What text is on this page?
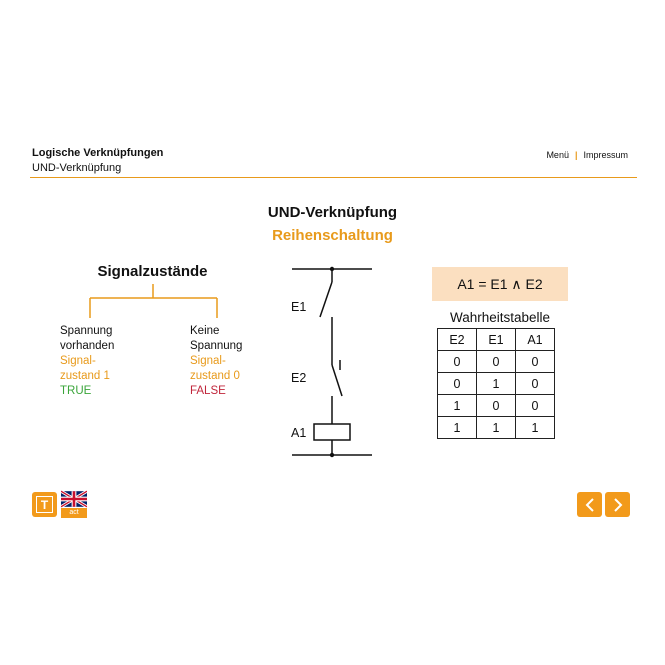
Logische Verknüpfungen
UND-Verknüpfung
Menü | Impressum
UND-Verknüpfung
Reihenschaltung
Signalzustände
Spannung
vorhanden
Signal-
zustand 1
TRUE
Keine
Spannung
Signal-
zustand 0
FALSE
E1
E2
A1
A1 = E1 ∧ E2
Wahrheitstabelle
E2	E1	A1
0	0	0
0	1	0
1	0	0
1	1	1
T
act
